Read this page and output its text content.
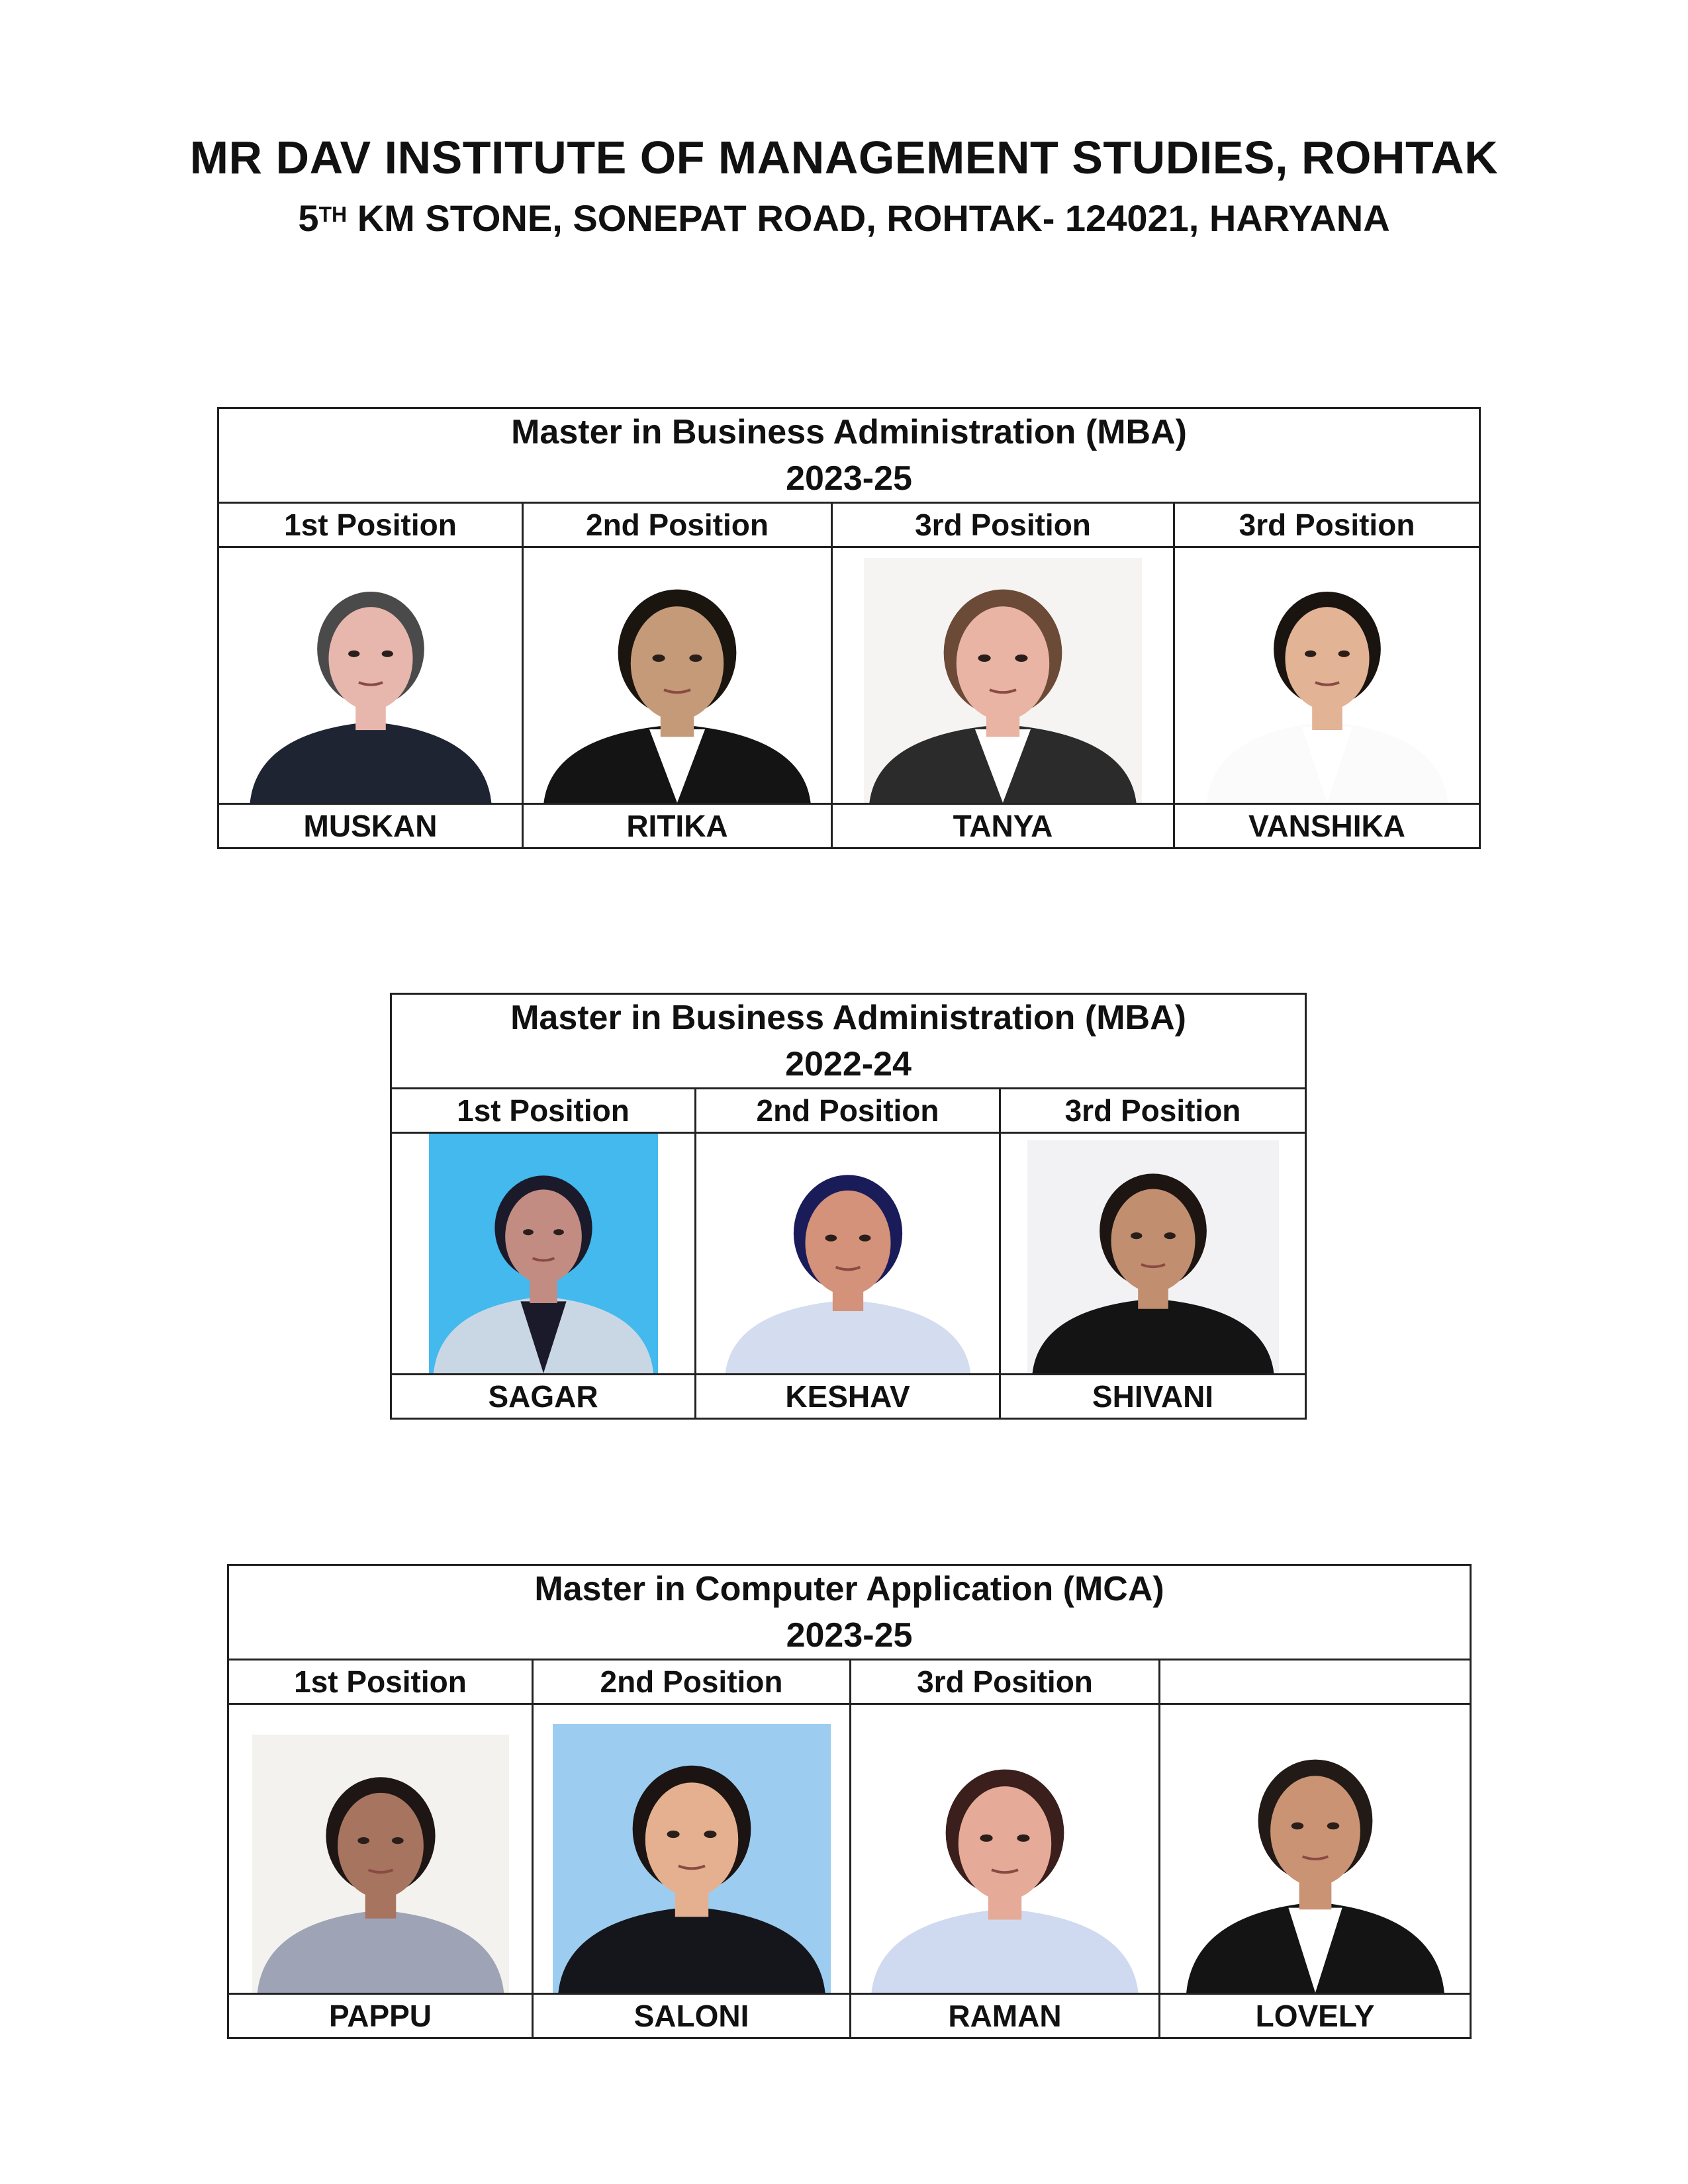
MR DAV INSTITUTE OF MANAGEMENT STUDIES, ROHTAK
5TH KM STONE, SONEPAT ROAD, ROHTAK- 124021, HARYANA
Master in Business Administration (MBA)
2023-25			

1st Position	2nd Position	3rd Position	3rd Position

MUSKAN	RITIKA	TANYA	VANSHIKA
Master in Business Administration (MBA)
2022-24		

1st Position	2nd Position	3rd Position

SAGAR	KESHAV	SHIVANI
Master in Computer Application (MCA)
2023-25			

1st Position	2nd Position	3rd Position	

PAPPU	SALONI	RAMAN	LOVELY
